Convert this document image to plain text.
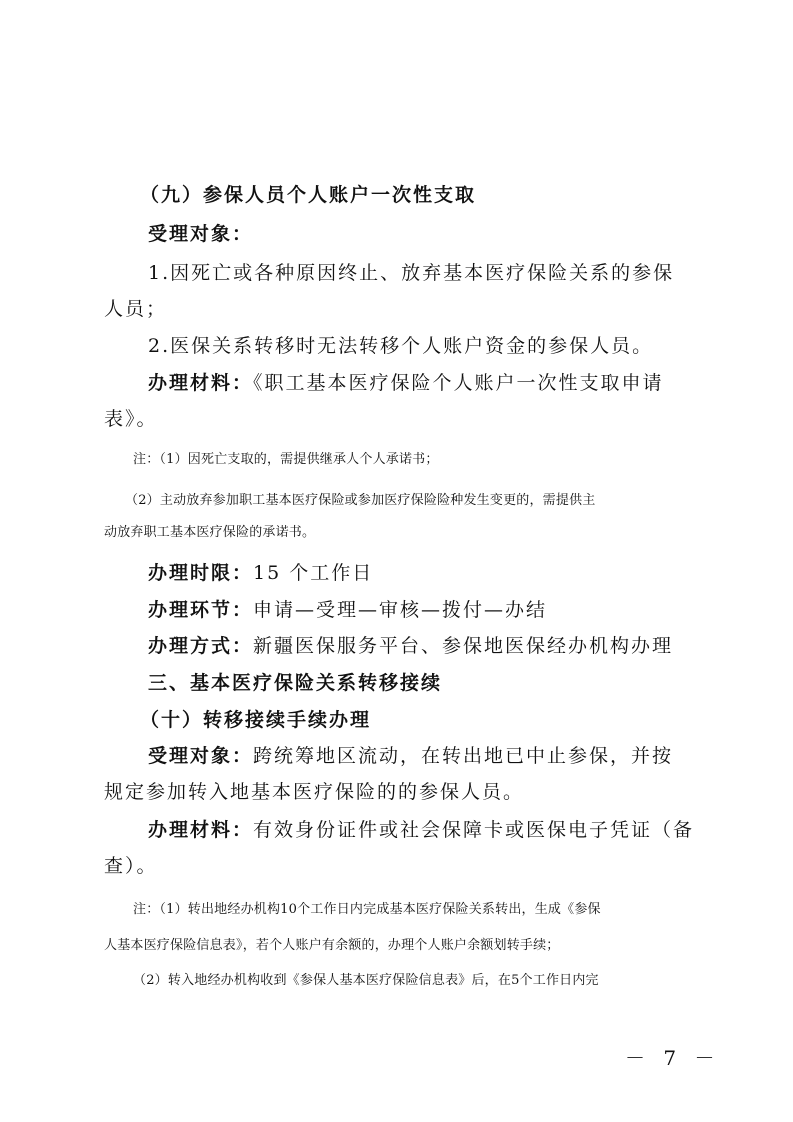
（九）参保人员个人账户一次性支取
受理对象：
1.因死亡或各种原因终止、放弃基本医疗保险关系的参保
人员；
2.医保关系转移时无法转移个人账户资金的参保人员。
办理材料：《职工基本医疗保险个人账户一次性支取申请
表》。
注：（1）因死亡支取的，需提供继承人个人承诺书；
（2）主动放弃参加职工基本医疗保险或参加医疗保险险种发生变更的，需提供主
动放弃职工基本医疗保险的承诺书。
办理时限：15 个工作日
办理环节：申请—受理—审核—拨付—办结
办理方式：新疆医保服务平台、参保地医保经办机构办理
三、基本医疗保险关系转移接续
（十）转移接续手续办理
受理对象：跨统筹地区流动，在转出地已中止参保，并按
规定参加转入地基本医疗保险的的参保人员。
办理材料：有效身份证件或社会保障卡或医保电子凭证（备
查）。
注：（1）转出地经办机构10个工作日内完成基本医疗保险关系转出，生成《参保
人基本医疗保险信息表》，若个人账户有余额的，办理个人账户余额划转手续；
（2）转入地经办机构收到《参保人基本医疗保险信息表》后，在5个工作日内完
－ 7 －
